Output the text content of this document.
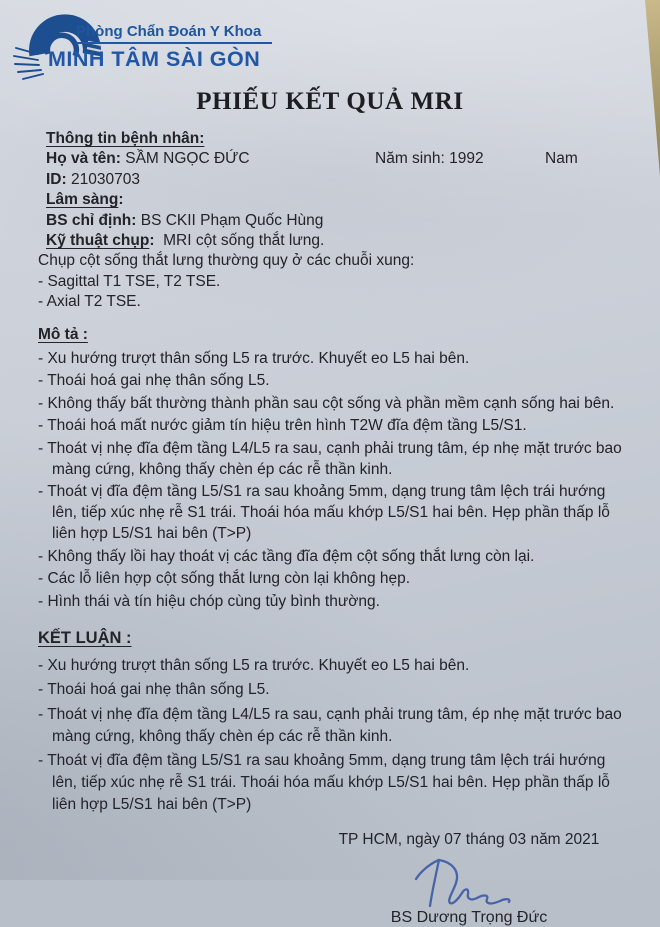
Phòng Chẩn Đoán Y Khoa
MINH TÂM SÀI GÒN
PHIẾU KẾT QUẢ MRI
Thông tin bệnh nhân:
Họ và tên: SẦM NGỌC ĐỨC	Năm sinh: 1992	Nam
ID: 21030703
Lâm sàng:
BS chỉ định: BS CKII Phạm Quốc Hùng
Kỹ thuật chụp: MRI cột sống thắt lưng.
Chụp cột sống thắt lưng thường quy ở các chuỗi xung:
- Sagittal T1 TSE, T2 TSE.
- Axial T2 TSE.
Mô tả :
- Xu hướng trượt thân sống L5 ra trước. Khuyết eo L5 hai bên.
- Thoái hoá gai nhẹ thân sống L5.
- Không thấy bất thường thành phần sau cột sống và phần mềm cạnh sống hai bên.
- Thoái hoá mất nước giảm tín hiệu trên hình T2W đĩa đệm tầng L5/S1.
- Thoát vị nhẹ đĩa đệm tầng L4/L5 ra sau, cạnh phải trung tâm, ép nhẹ mặt trước bao màng cứng, không thấy chèn ép các rễ thần kinh.
- Thoát vị đĩa đệm tầng L5/S1 ra sau khoảng 5mm, dạng trung tâm lệch trái hướng lên, tiếp xúc nhẹ rễ S1 trái. Thoái hóa mấu khớp L5/S1 hai bên. Hẹp phần thấp lỗ liên hợp L5/S1 hai bên (T>P)
- Không thấy lồi hay thoát vị các tầng đĩa đệm cột sống thắt lưng còn lại.
- Các lỗ liên hợp cột sống thắt lưng còn lại không hẹp.
- Hình thái và tín hiệu chóp cùng tủy bình thường.
KẾT LUẬN :
- Xu hướng trượt thân sống L5 ra trước. Khuyết eo L5 hai bên.
- Thoái hoá gai nhẹ thân sống L5.
- Thoát vị nhẹ đĩa đệm tầng L4/L5 ra sau, cạnh phải trung tâm, ép nhẹ mặt trước bao màng cứng, không thấy chèn ép các rễ thần kinh.
- Thoát vị đĩa đệm tầng L5/S1 ra sau khoảng 5mm, dạng trung tâm lệch trái hướng lên, tiếp xúc nhẹ rễ S1 trái. Thoái hóa mấu khớp L5/S1 hai bên. Hẹp phần thấp lỗ liên hợp L5/S1 hai bên (T>P)
TP HCM, ngày 07 tháng 03 năm 2021
BS Dương Trọng Đức
